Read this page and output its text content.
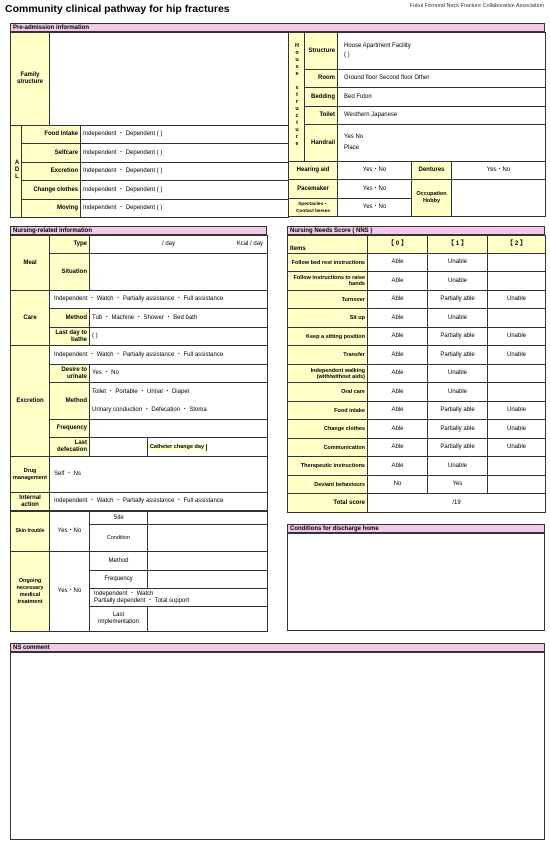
Community clinical pathway for hip fractures	Fukui Femoral Neck Fracture Collaborative Association
Pre-admission information
Family structure			
ADL	Food intake		Independent ・ Dependent ( )
	Selfcare		Independent ・ Dependent ( )
	Excretion		Independent ・ Dependent ( )
	Change clothes		Independent ・ Dependent ( )
	Moving		Independent ・ Dependent ( )
House structure	Structure	House Apartment Facility
( )		

	Room	Ground floor Second floor Other		
	Bedding	Bed Futon		
	Toilet	Westhern Japanese		
	Handrail	Yes No
Place		

Hearing aid		Yes・No	Dentures	Yes・No
Pacemaker		Yes・No	Occupation Hobby	
Spectacles・Contact lenses		Yes・No		
Nursing-related information
Meal	Type	/ day Kcal / day	
	Situation		
Care	Independent ・ Watch ・ Partially assistance ・ Full assistance		
	Method	Tub ・ Machine ・ Shower ・ Bed bath	
	Last day to bathe	( )	
Excretion	Independent ・ Watch ・ Partially assistance ・ Full assistance		
	Desire to urinate	Yes ・ No	
	Method	Toilet ・ Portable ・ Urinal ・ Diaper
Urinary conduction ・ Defecation ・ Stoma	

	Frequency		
	Last defecation		Catheter change day

Drug management	Self ・ Ns		
Internal action	Independent ・ Watch ・ Partially assistance ・ Full assistance		
Skin trouble	Yes・No	Site	
		Condition	
Ongoing necessary medical treatment	Yes・No	Method	
		Frequency	

		Independent ・ Watch
Partially dependent ・ Total support	

		Last implementation	
Nursing Needs Score ( NNS )
Items	【 0 】	【 1 】	【 2 】
Follow bed rest instructions	Able	Unable	
Follow instructions to raise hands	Able	Unable	
Turnover	Able	Partially able	Unable
Sit up	Able	Unable	
Keep a sitting position	Able	Partially able	Unable
Transfer	Able	Partially able	Unable
Independent walking (with/without aids)	Able	Unable	
Oral care	Able	Unable	
Food intake	Able	Partially able	Unable
Change clothes	Able	Partially able	Unable
Communication	Able	Partially able	Unable
Therapeutic instructions	Able	Unable	
Deviant behaviours	No	Yes	
Total score	/19		
Conditions for discharge home
NS comment
